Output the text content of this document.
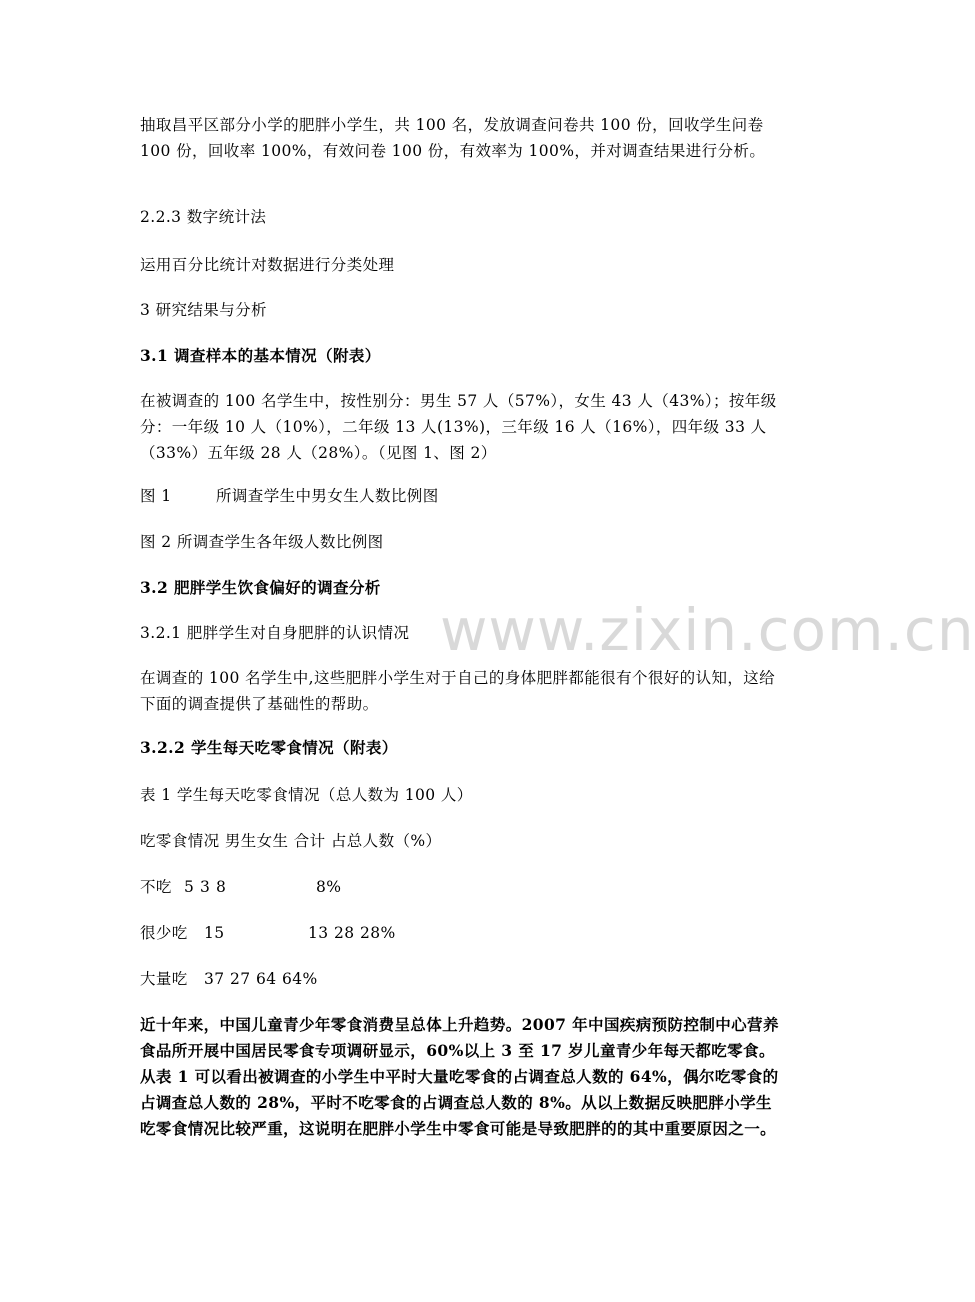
抽取昌平区部分小学的肥胖小学生，共 100 名，发放调查问卷共 100 份，回收学生问卷 100 份，回收率 100%，有效问卷 100 份，有效率为 100%，并对调查结果进行分析。

2.2.3 数字统计法

运用百分比统计对数据进行分类处理

3 研究结果与分析

3.1 调查样本的基本情况（附表）

在被调查的 100 名学生中，按性别分：男生 57 人（57%），女生 43 人（43%）；按年级分：一年级 10 人（10%），二年级 13 人(13%)，三年级 16 人（16%），四年级 33 人（33%）五年级 28 人（28%）。（见图 1、图 2）

图 1	所调查学生中男女生人数比例图

图 2 所调查学生各年级人数比例图

3.2 肥胖学生饮食偏好的调查分析

3.2.1 肥胖学生对自身肥胖的认识情况

在调查的 100 名学生中,这些肥胖小学生对于自己的身体肥胖都能很有个很好的认知，这给下面的调查提供了基础性的帮助。

3.2.2 学生每天吃零食情况（附表）

表 1 学生每天吃零食情况（总人数为 100 人）

吃零食情况 男生女生 合计 占总人数（%）

不吃 5 3 8	8%
很少吃 15	13 28 28%
大量吃 37 27 64 64%

近十年来，中国儿童青少年零食消费呈总体上升趋势。2007 年中国疾病预防控制中心营养食品所开展中国居民零食专项调研显示，60%以上 3 至 17 岁儿童青少年每天都吃零食。从表 1 可以看出被调查的小学生中平时大量吃零食的占调查总人数的 64%，偶尔吃零食的占调查总人数的 28%，平时不吃零食的占调查总人数的 8%。从以上数据反映肥胖小学生吃零食情况比较严重，这说明在肥胖小学生中零食可能是导致肥胖的的其中重要原因之一。

www.zixin.com.cn
